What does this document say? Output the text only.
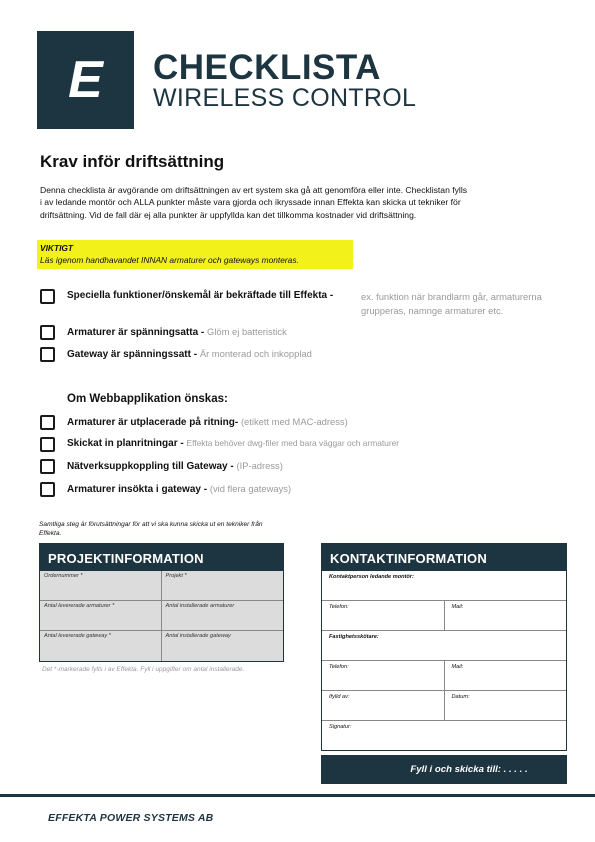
E CHECKLISTA
WIRELESS CONTROL
Krav inför driftsättning
Denna checklista är avgörande om driftsättningen av ert system ska gå att genomföra eller inte. Checklistan fylls i av ledande montör och ALLA punkter måste vara gjorda och ikryssade innan Effekta kan skicka ut tekniker för driftsättning. Vid de fall där ej alla punkter är uppfyllda kan det tillkomma kostnader vid driftsättning.
VIKTIGT
Läs igenom handhavandet INNAN armaturer och gateways monteras.
Speciella funktioner/önskemål är bekräftade till Effekta -	ex. funktion när brandlarm går, armaturerna grupperas, namnge armaturer etc.
Armaturer är spänningsatta - Glöm ej batteristick
Gateway är spänningssatt - Är monterad och inkopplad
Om Webbapplikation önskas:
Armaturer är utplacerade på ritning- (etikett med MAC-adress)
Skickat in planritningar - Effekta behöver dwg-filer med bara väggar och armaturer
Nätverksuppkoppling till Gateway - (IP-adress)
Armaturer insökta i gateway - (vid flera gateways)
Samtliga steg är förutsättningar för att vi ska kunna skicka ut en tekniker från Effekta.
PROJEKTINFORMATION
Ordernummer *	Projekt *
Antal levererade armaturer *	Antal installerade armaturer
Antal levererade gateway *	Antal installerade gateway
Det *-markerade fylls i av Effekta. Fyll i uppgifter om antal installerade.
KONTAKTINFORMATION
Kontaktperson ledande montör:
Telefon:	Mail:
Fastighetsskötare:
Telefon:	Mail:
Ifylld av:	Datum:
Signatur:
Fyll i och skicka till: . . . . .
EFFEKTA POWER SYSTEMS AB
